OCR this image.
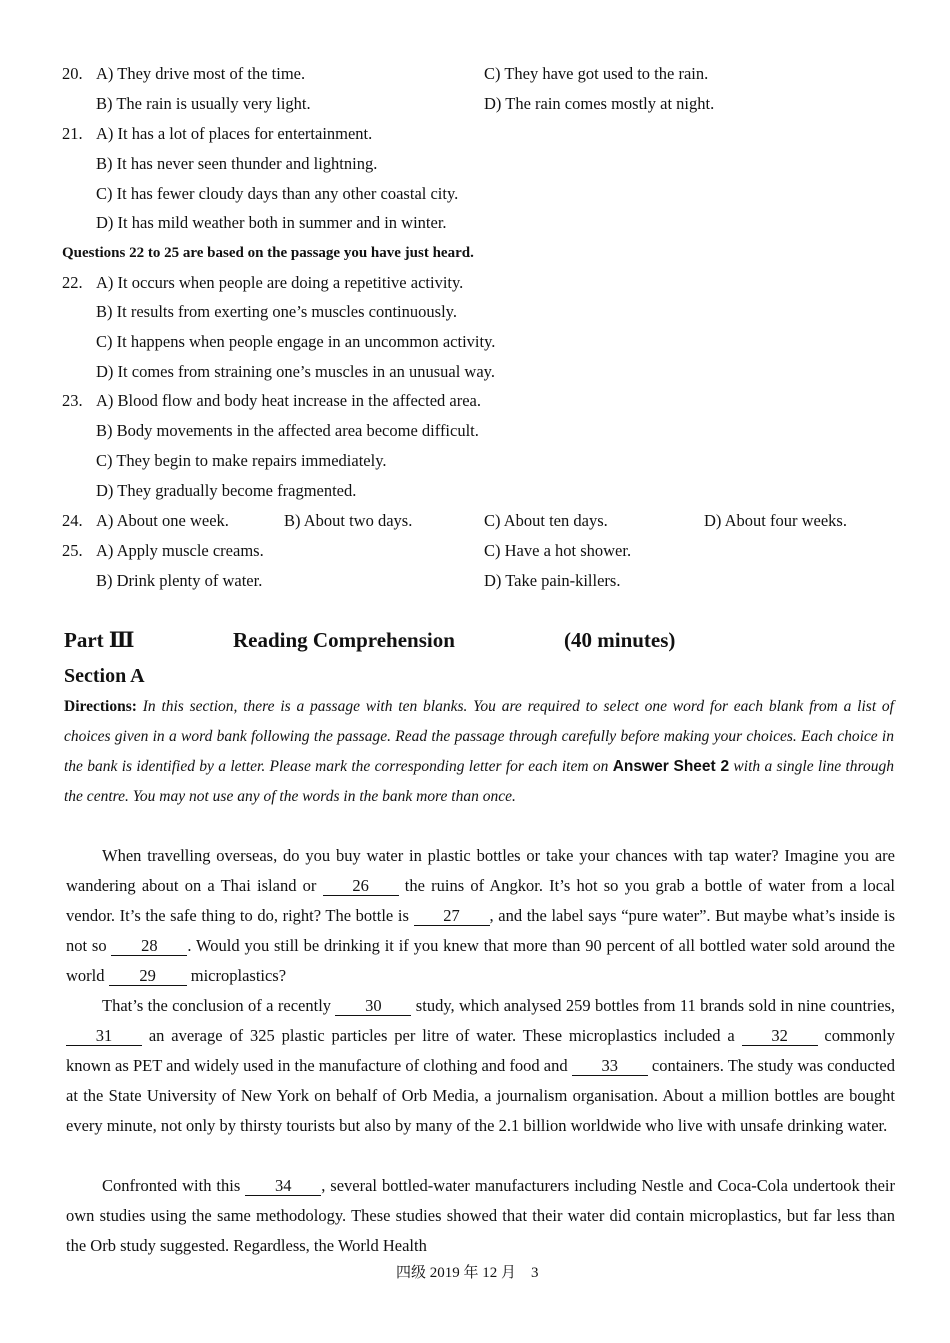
20. A) They drive most of the time.	C) They have got used to the rain.
B) The rain is usually very light.	D) The rain comes mostly at night.
21. A) It has a lot of places for entertainment.
B) It has never seen thunder and lightning.
C) It has fewer cloudy days than any other coastal city.
D) It has mild weather both in summer and in winter.
Questions 22 to 25 are based on the passage you have just heard.
22. A) It occurs when people are doing a repetitive activity.
B) It results from exerting one’s muscles continuously.
C) It happens when people engage in an uncommon activity.
D) It comes from straining one’s muscles in an unusual way.
23. A) Blood flow and body heat increase in the affected area.
B) Body movements in the affected area become difficult.
C) They begin to make repairs immediately.
D) They gradually become fragmented.
24. A) About one week.	B) About two days.	C) About ten days.	D) About four weeks.
25. A) Apply muscle creams.	C) Have a hot shower.
B) Drink plenty of water.	D) Take pain-killers.
Part Ⅲ	Reading Comprehension	(40 minutes)
Section A
Directions: In this section, there is a passage with ten blanks. You are required to select one word for each blank from a list of choices given in a word bank following the passage. Read the passage through carefully before making your choices. Each choice in the bank is identified by a letter. Please mark the corresponding letter for each item on Answer Sheet 2 with a single line through the centre. You may not use any of the words in the bank more than once.
When travelling overseas, do you buy water in plastic bottles or take your chances with tap water? Imagine you are wandering about on a Thai island or 26 the ruins of Angkor. It’s hot so you grab a bottle of water from a local vendor. It’s the safe thing to do, right? The bottle is 27 , and the label says “pure water”. But maybe what’s inside is not so 28 . Would you still be drinking it if you knew that more than 90 percent of all bottled water sold around the world 29 microplastics?
That’s the conclusion of a recently 30 study, which analysed 259 bottles from 11 brands sold in nine countries, 31 an average of 325 plastic particles per litre of water. These microplastics included a 32 commonly known as PET and widely used in the manufacture of clothing and food and 33 containers. The study was conducted at the State University of New York on behalf of Orb Media, a journalism organisation. About a million bottles are bought every minute, not only by thirsty tourists but also by many of the 2.1 billion worldwide who live with unsafe drinking water.
Confronted with this 34 , several bottled-water manufacturers including Nestle and Coca-Cola undertook their own studies using the same methodology. These studies showed that their water did contain microplastics, but far less than the Orb study suggested. Regardless, the World Health
四级 2019 年 12 月　3
